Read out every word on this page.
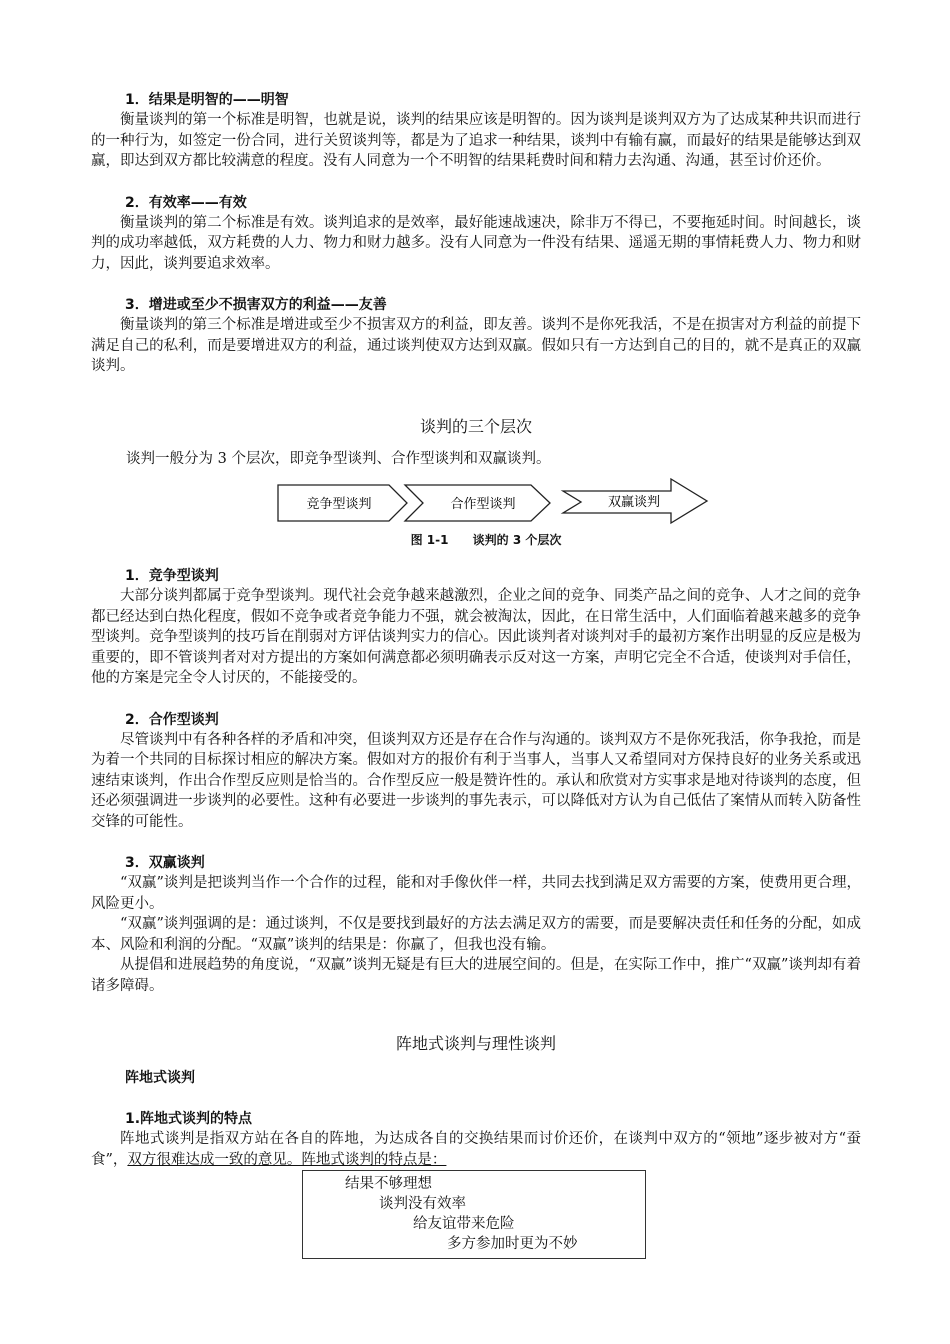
1．结果是明智的——明智

衡量谈判的第一个标准是明智，也就是说，谈判的结果应该是明智的。因为谈判是谈判双方为了达成某种共识而进行的一种行为，如签定一份合同，进行关贸谈判等，都是为了追求一种结果，谈判中有输有赢，而最好的结果是能够达到双赢，即达到双方都比较满意的程度。没有人同意为一个不明智的结果耗费时间和精力去沟通、沟通，甚至讨价还价。

2．有效率——有效

衡量谈判的第二个标准是有效。谈判追求的是效率，最好能速战速决，除非万不得已，不要拖延时间。时间越长，谈判的成功率越低，双方耗费的人力、物力和财力越多。没有人同意为一件没有结果、遥遥无期的事情耗费人力、物力和财力，因此，谈判要追求效率。

3．增进或至少不损害双方的利益——友善

衡量谈判的第三个标准是增进或至少不损害双方的利益，即友善。谈判不是你死我活，不是在损害对方利益的前提下满足自己的私利，而是要增进双方的利益，通过谈判使双方达到双赢。假如只有一方达到自己的目的，就不是真正的双赢谈判。

谈判的三个层次

谈判一般分为 3 个层次，即竞争型谈判、合作型谈判和双赢谈判。

竞争型谈判	合作型谈判	双赢谈判

图 1-1 谈判的 3 个层次

1．竞争型谈判

大部分谈判都属于竞争型谈判。现代社会竞争越来越激烈，企业之间的竞争、同类产品之间的竞争、人才之间的竞争都已经达到白热化程度，假如不竞争或者竞争能力不强，就会被淘汰，因此，在日常生活中，人们面临着越来越多的竞争型谈判。竞争型谈判的技巧旨在削弱对方评估谈判实力的信心。因此谈判者对谈判对手的最初方案作出明显的反应是极为重要的，即不管谈判者对对方提出的方案如何满意都必须明确表示反对这一方案，声明它完全不合适，使谈判对手信任，他的方案是完全令人讨厌的，不能接受的。

2．合作型谈判

尽管谈判中有各种各样的矛盾和冲突，但谈判双方还是存在合作与沟通的。谈判双方不是你死我活，你争我抢，而是为着一个共同的目标探讨相应的解决方案。假如对方的报价有利于当事人，当事人又希望同对方保持良好的业务关系或迅速结束谈判，作出合作型反应则是恰当的。合作型反应一般是赞许性的。承认和欣赏对方实事求是地对待谈判的态度，但还必须强调进一步谈判的必要性。这种有必要进一步谈判的事先表示，可以降低对方认为自己低估了案情从而转入防备性交锋的可能性。

3．双赢谈判

“双赢”谈判是把谈判当作一个合作的过程，能和对手像伙伴一样，共同去找到满足双方需要的方案，使费用更合理，风险更小。

“双赢”谈判强调的是：通过谈判，不仅是要找到最好的方法去满足双方的需要，而是要解决责任和任务的分配，如成本、风险和利润的分配。“双赢”谈判的结果是：你赢了，但我也没有输。

从提倡和进展趋势的角度说，“双赢”谈判无疑是有巨大的进展空间的。但是，在实际工作中，推广“双赢”谈判却有着诸多障碍。

阵地式谈判与理性谈判

阵地式谈判

1.阵地式谈判的特点

阵地式谈判是指双方站在各自的阵地，为达成各自的交换结果而讨价还价，在谈判中双方的“领地”逐步被对方“蚕食”，双方很难达成一致的意见。阵地式谈判的特点是：

结果不够理想
谈判没有效率
给友谊带来危险
多方参加时更为不妙
